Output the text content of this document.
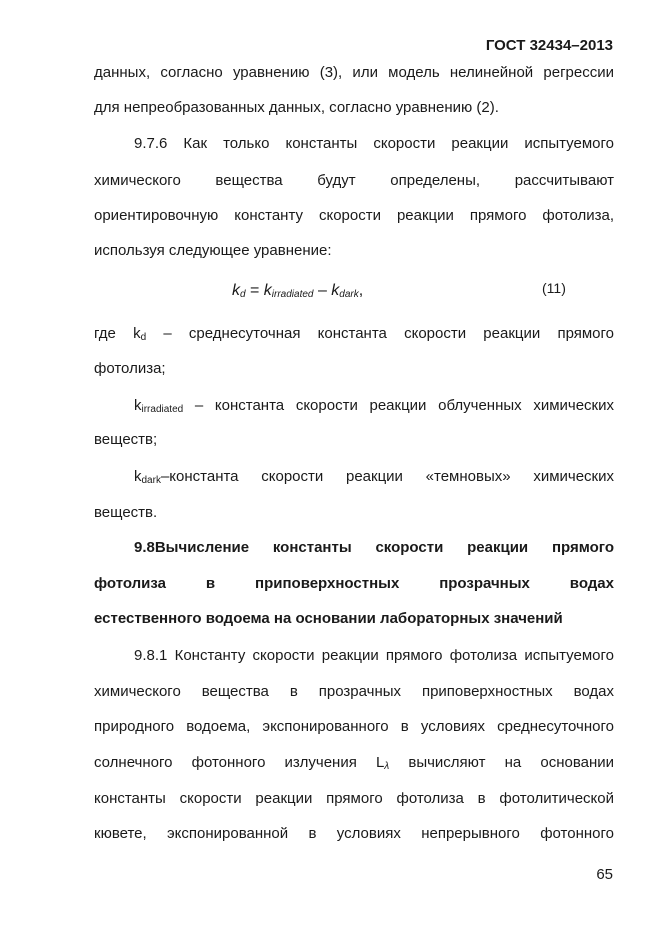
ГОСТ 32434–2013
данных, согласно уравнению (3), или модель нелинейной регрессии
для непреобразованных данных, согласно уравнению (2).
9.7.6 Как только константы скорости реакции испытуемого
химического вещества будут определены, рассчитывают
ориентировочную константу скорости реакции прямого фотолиза,
используя следующее уравнение:
$k_d = k_{irradiated} - k_{dark}$,	(11)
где $k_d$ – среднесуточная константа скорости реакции прямого
фотолиза;
$k_{irradiated}$ – константа скорости реакции облученных химических
веществ;
$k_{dark}$–константа скорости реакции «темновых» химических
веществ.
9.8Вычисление константы скорости реакции прямого
фотолиза в приповерхностных прозрачных водах
естественного водоема на основании лабораторных значений
9.8.1 Константу скорости реакции прямого фотолиза испытуемого
химического вещества в прозрачных приповерхностных водах
природного водоема, экспонированного в условиях среднесуточного
солнечного фотонного излучения $L_\lambda$ вычисляют на основании
константы скорости реакции прямого фотолиза в фотолитической
кювете, экспонированной в условиях непрерывного фотонного
65
